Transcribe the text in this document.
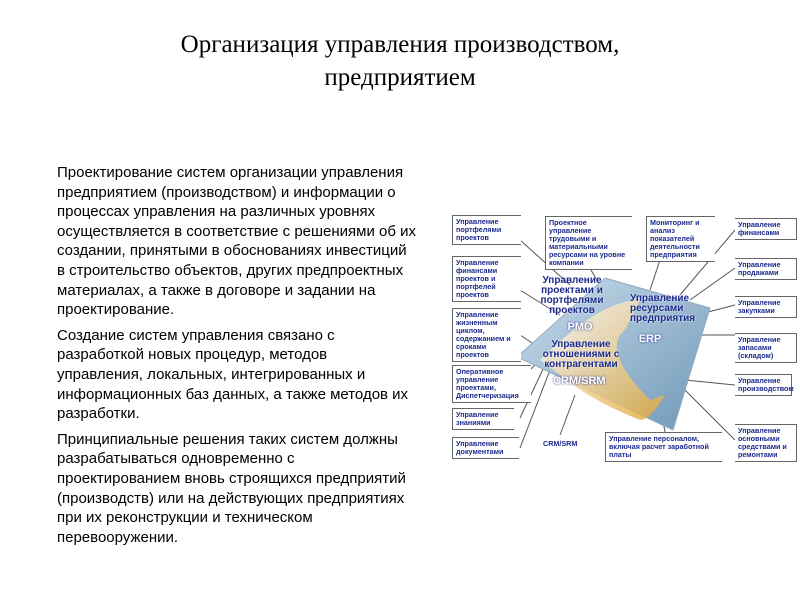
Организация управления производством,
предприятием

Проектирование систем организации управления предприятием (производством) и информации о процессах управления на различных уровнях осуществляется в соответствие с решениями об их создании, принятыми в обоснованиях инвестиций в строительство объектов, других предпроектных материалах, а также в договоре и задании на проектирование.

Создание систем управления связано с разработкой новых процедур, методов управления, локальных, интегрированных и информационных баз данных, а также методов их разработки.

Принципиальные решения таких систем должны разрабатываться одновременно с проектированием вновь строящихся предприятий (производств) или на действующих предприятиях при их реконструкции и техническом перевооружении.

Управление портфелями проектов
Управление финансами проектов и портфелей проектов
Управление жизненным циклом, содержанием и сроками проектов
Оперативное управление проектами, Диспетчеризация
Управление знаниями
Управление документами
Проектное управление трудовыми и материальными ресурсами на уровне компании
Мониторинг и анализ показателей деятельности предприятия
Управление финансами
Управление продажами
Управление закупками
Управление запасами (складом)
Управление производством
Управление основными средствами и ремонтами
CRM/SRM
Управление персоналом, включая расчет заработной платы
Управление проектами и портфелями проектов
PMO
Управление ресурсами предприятия
ERP
Управление отношениями с контрагентами
CRM/SRM
